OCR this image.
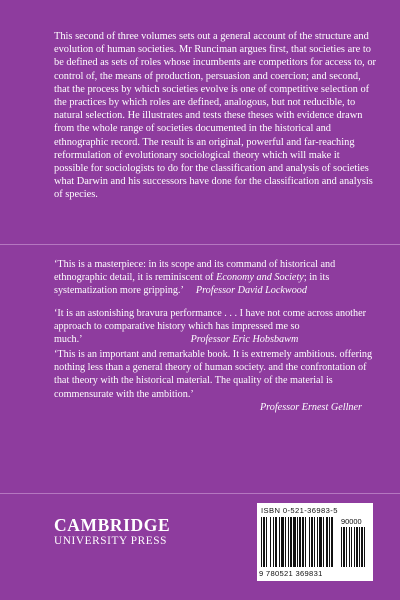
This second of three volumes sets out a general account of the structure and evolution of human societies. Mr Runciman argues first, that societies are to be defined as sets of roles whose incumbents are competitors for access to, or control of, the means of production, persuasion and coercion; and second, that the process by which societies evolve is one of competitive selection of the practices by which roles are defined, analogous, but not reducible, to natural selection. He illustrates and tests these theses with evidence drawn from the whole range of societies documented in the historical and ethnographic record. The result is an original, powerful and far-reaching reformulation of evolutionary sociological theory which will make it possible for sociologists to do for the classification and analysis of societies what Darwin and his successors have done for the classification and analysis of species.

‘This is a masterpiece: in its scope and its command of historical and ethnographic detail, it is reminiscent of Economy and Society; in its systematization more gripping.’ Professor David Lockwood
‘It is an astonishing bravura performance . . . I have not come across another approach to comparative history which has impressed me so much.’	Professor Eric Hobsbawm
‘This is an important and remarkable book. It is extremely ambitious. offering nothing less than a general theory of human society. and the confrontation of that theory with the historical material. The quality of the material is commensurate with the ambition.’
Professor Ernest Gellner
CAMBRIDGE
UNIVERSITY PRESS
ISBN 0-521-36983-5
90000
9 780521 369831
